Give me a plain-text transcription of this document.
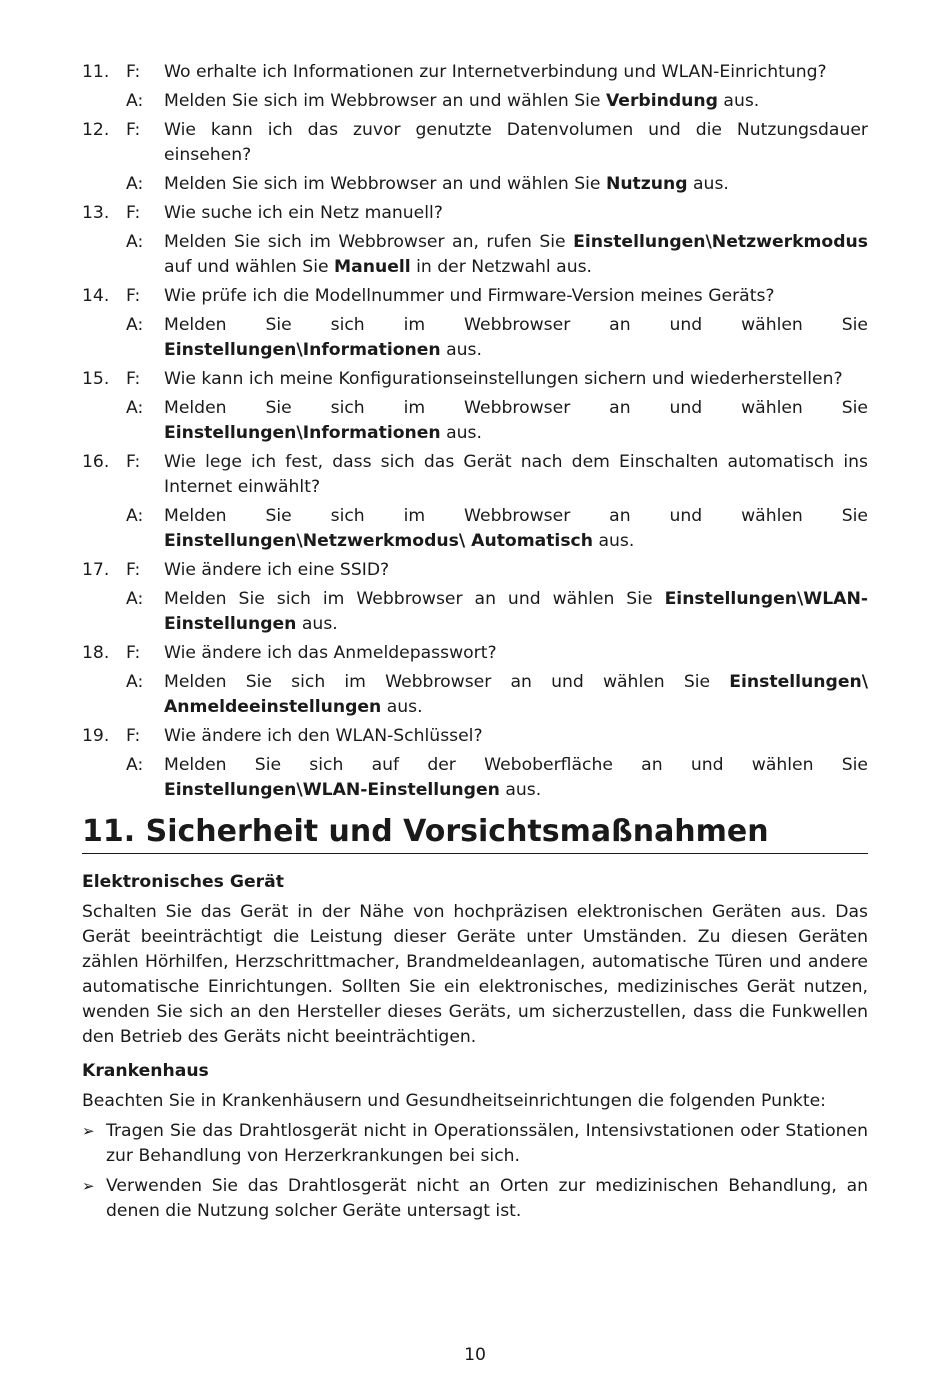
11. F:	Wo erhalte ich Informationen zur Internetverbindung und WLAN-Einrichtung?
A:	Melden Sie sich im Webbrowser an und wählen Sie Verbindung aus.
12. F:	Wie kann ich das zuvor genutzte Datenvolumen und die Nutzungsdauer einsehen?
A:	Melden Sie sich im Webbrowser an und wählen Sie Nutzung aus.
13. F:	Wie suche ich ein Netz manuell?
A:	Melden Sie sich im Webbrowser an, rufen Sie Einstellungen\Netzwerkmodus auf und wählen Sie Manuell in der Netzwahl aus.
14. F:	Wie prüfe ich die Modellnummer und Firmware-Version meines Geräts?
A:	Melden Sie sich im Webbrowser an und wählen Sie Einstellungen\Informationen aus.
15. F:	Wie kann ich meine Konfigurationseinstellungen sichern und wiederherstellen?
A:	Melden Sie sich im Webbrowser an und wählen Sie Einstellungen\Informationen aus.
16. F:	Wie lege ich fest, dass sich das Gerät nach dem Einschalten automatisch ins Internet einwählt?
A:	Melden Sie sich im Webbrowser an und wählen Sie Einstellungen\Netzwerkmodus\ Automatisch aus.
17. F:	Wie ändere ich eine SSID?
A:	Melden Sie sich im Webbrowser an und wählen Sie Einstellungen\WLAN-Einstellungen aus.
18. F:	Wie ändere ich das Anmeldepasswort?
A:	Melden Sie sich im Webbrowser an und wählen Sie Einstellungen\ Anmeldeeinstellungen aus.
19. F:	Wie ändere ich den WLAN-Schlüssel?
A:	Melden Sie sich auf der Weboberfläche an und wählen Sie Einstellungen\WLAN-Einstellungen aus.
11. Sicherheit und Vorsichtsmaßnahmen
Elektronisches Gerät
Schalten Sie das Gerät in der Nähe von hochpräzisen elektronischen Geräten aus. Das Gerät beeinträchtigt die Leistung dieser Geräte unter Umständen. Zu diesen Geräten zählen Hörhilfen, Herzschrittmacher, Brandmeldeanlagen, automatische Türen und andere automatische Einrichtungen. Sollten Sie ein elektronisches, medizinisches Gerät nutzen, wenden Sie sich an den Hersteller dieses Geräts, um sicherzustellen, dass die Funkwellen den Betrieb des Geräts nicht beeinträchtigen.
Krankenhaus
Beachten Sie in Krankenhäusern und Gesundheitseinrichtungen die folgenden Punkte:
➢ Tragen Sie das Drahtlosgerät nicht in Operationssälen, Intensivstationen oder Stationen zur Behandlung von Herzerkrankungen bei sich.
➢ Verwenden Sie das Drahtlosgerät nicht an Orten zur medizinischen Behandlung, an denen die Nutzung solcher Geräte untersagt ist.
10
